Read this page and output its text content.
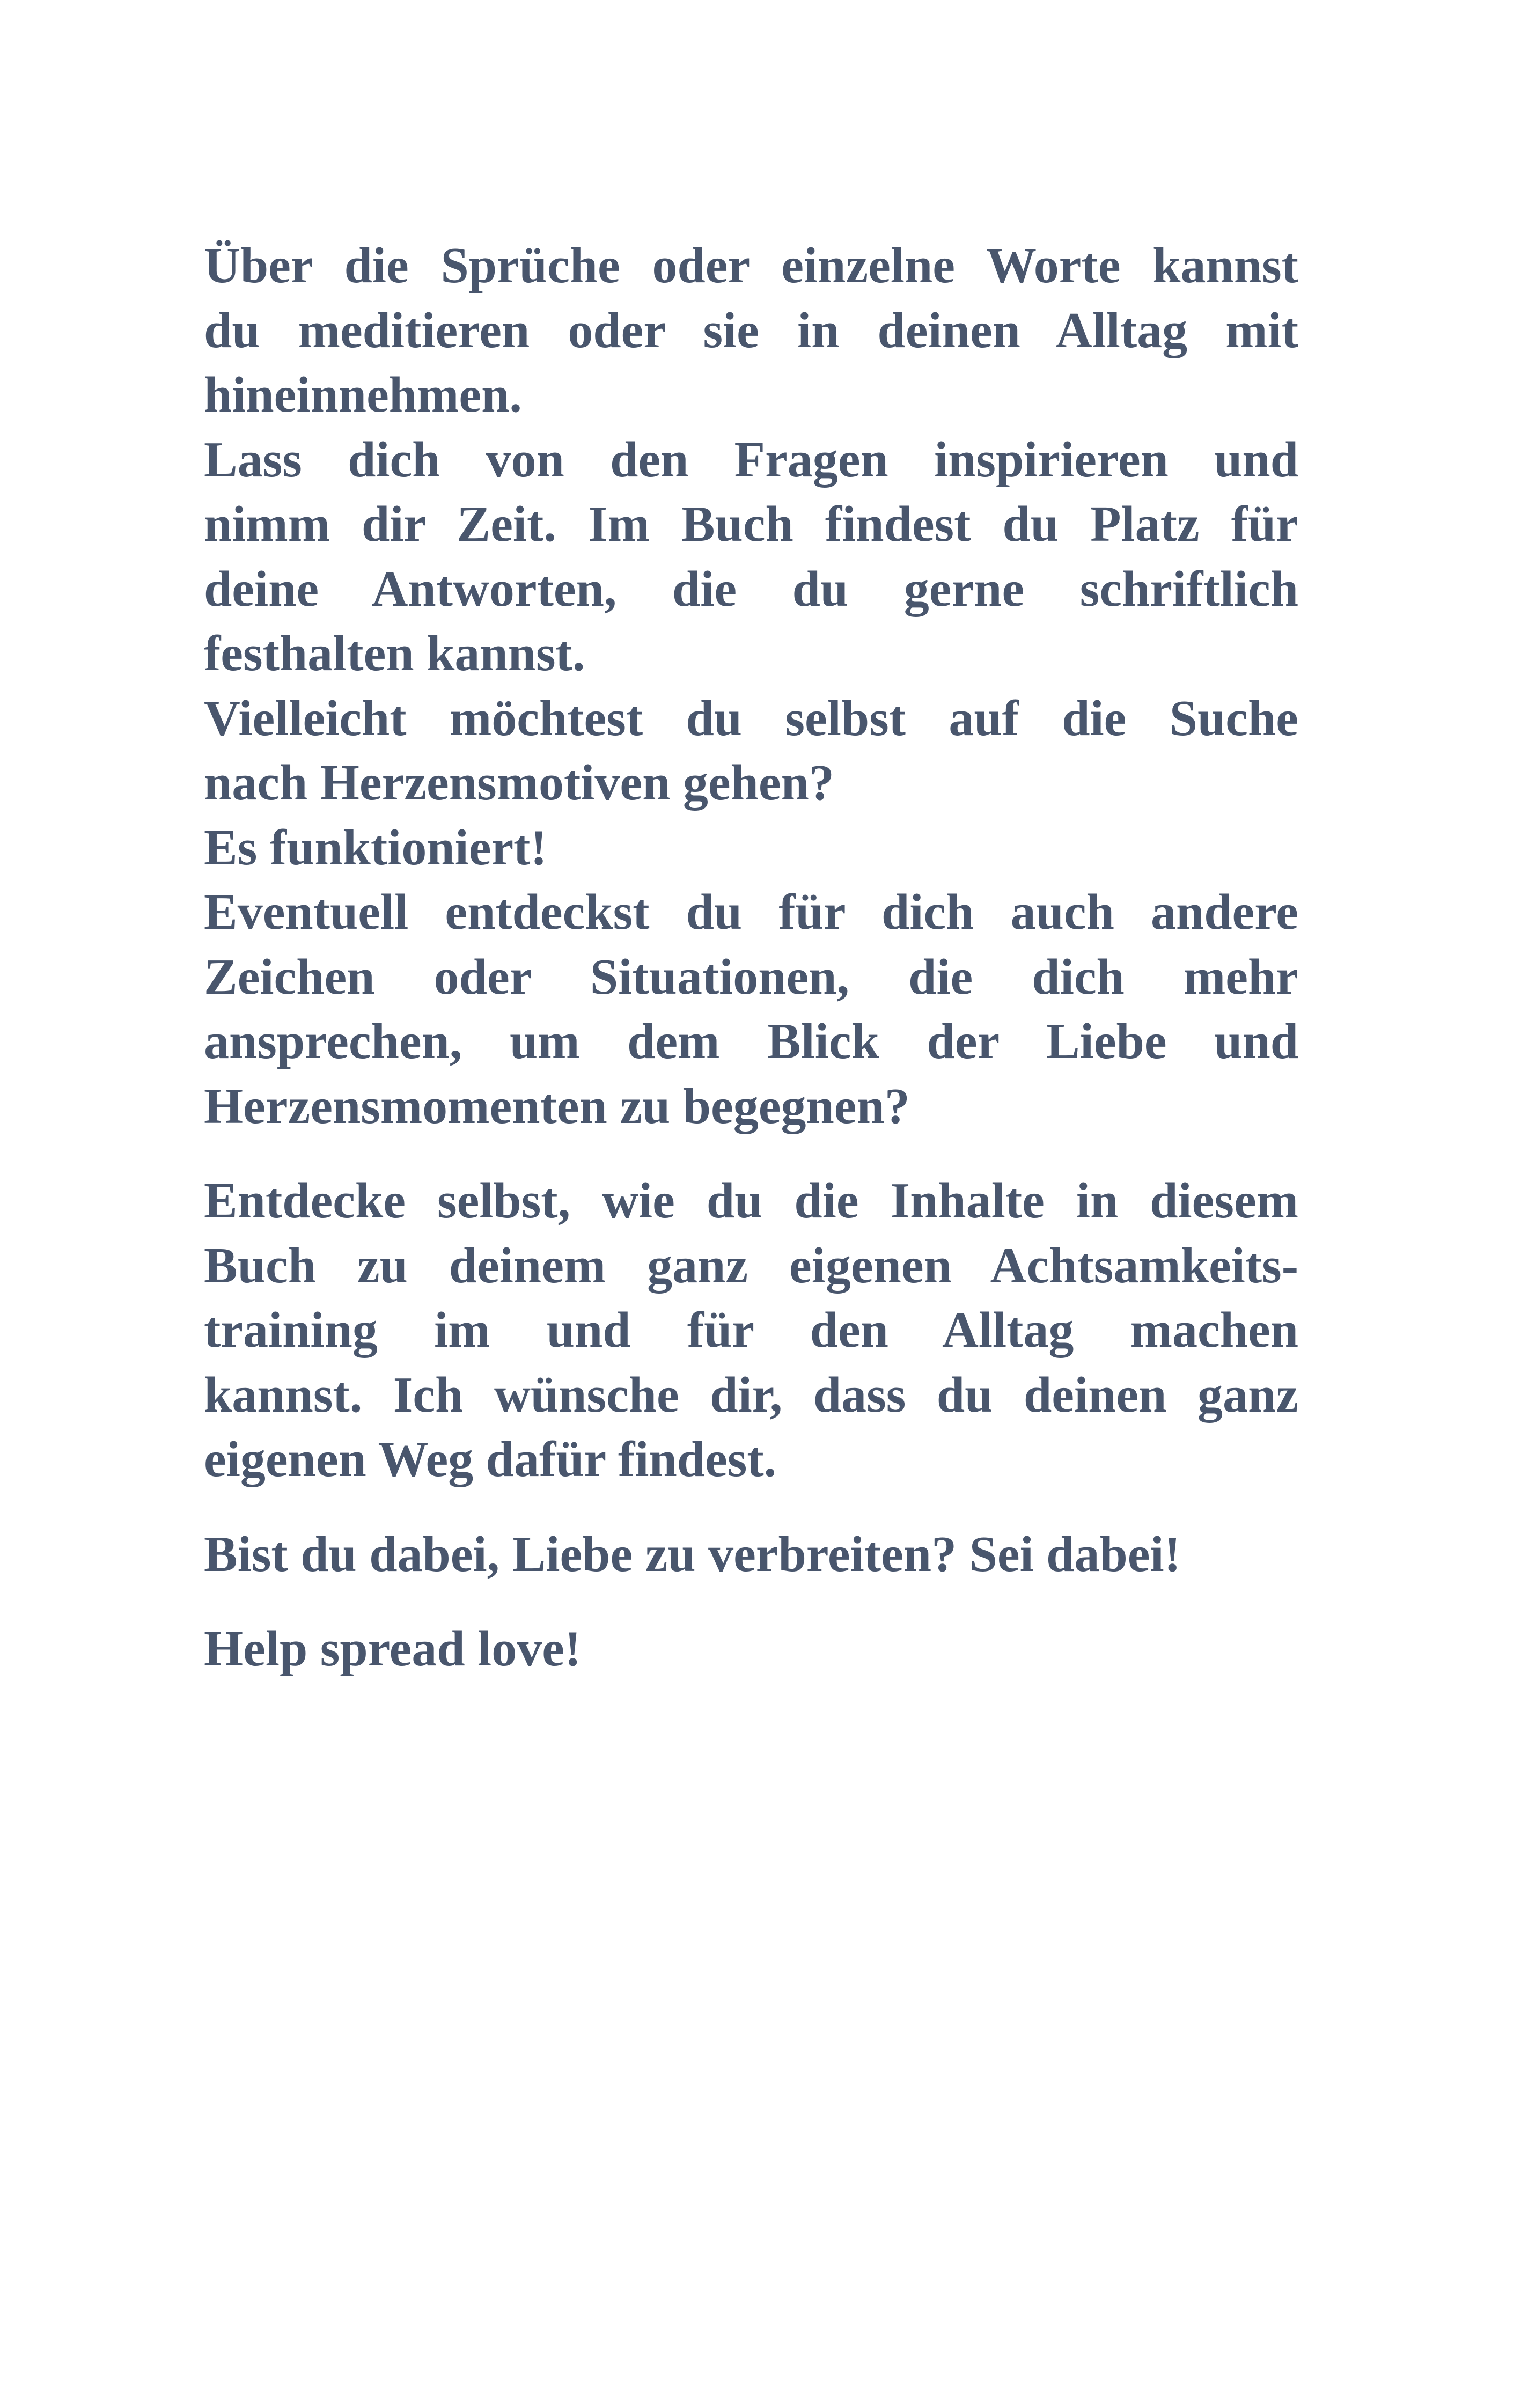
Über die Sprüche oder einzelne Worte kannst
du meditieren oder sie in deinen Alltag mit
hineinnehmen.
Lass dich von den Fragen inspirieren und
nimm dir Zeit. Im Buch findest du Platz für
deine Antworten, die du gerne schriftlich
festhalten kannst.
Vielleicht möchtest du selbst auf die Suche
nach Herzensmotiven gehen?
Es funktioniert!
Eventuell entdeckst du für dich auch andere
Zeichen oder Situationen, die dich mehr
ansprechen, um dem Blick der Liebe und
Herzensmomenten zu begegnen?
Entdecke selbst, wie du die Inhalte in diesem
Buch zu deinem ganz eigenen Achtsamkeits-
training im und für den Alltag machen
kannst. Ich wünsche dir, dass du deinen ganz
eigenen Weg dafür findest.
Bist du dabei, Liebe zu verbreiten? Sei dabei!
Help spread love!
